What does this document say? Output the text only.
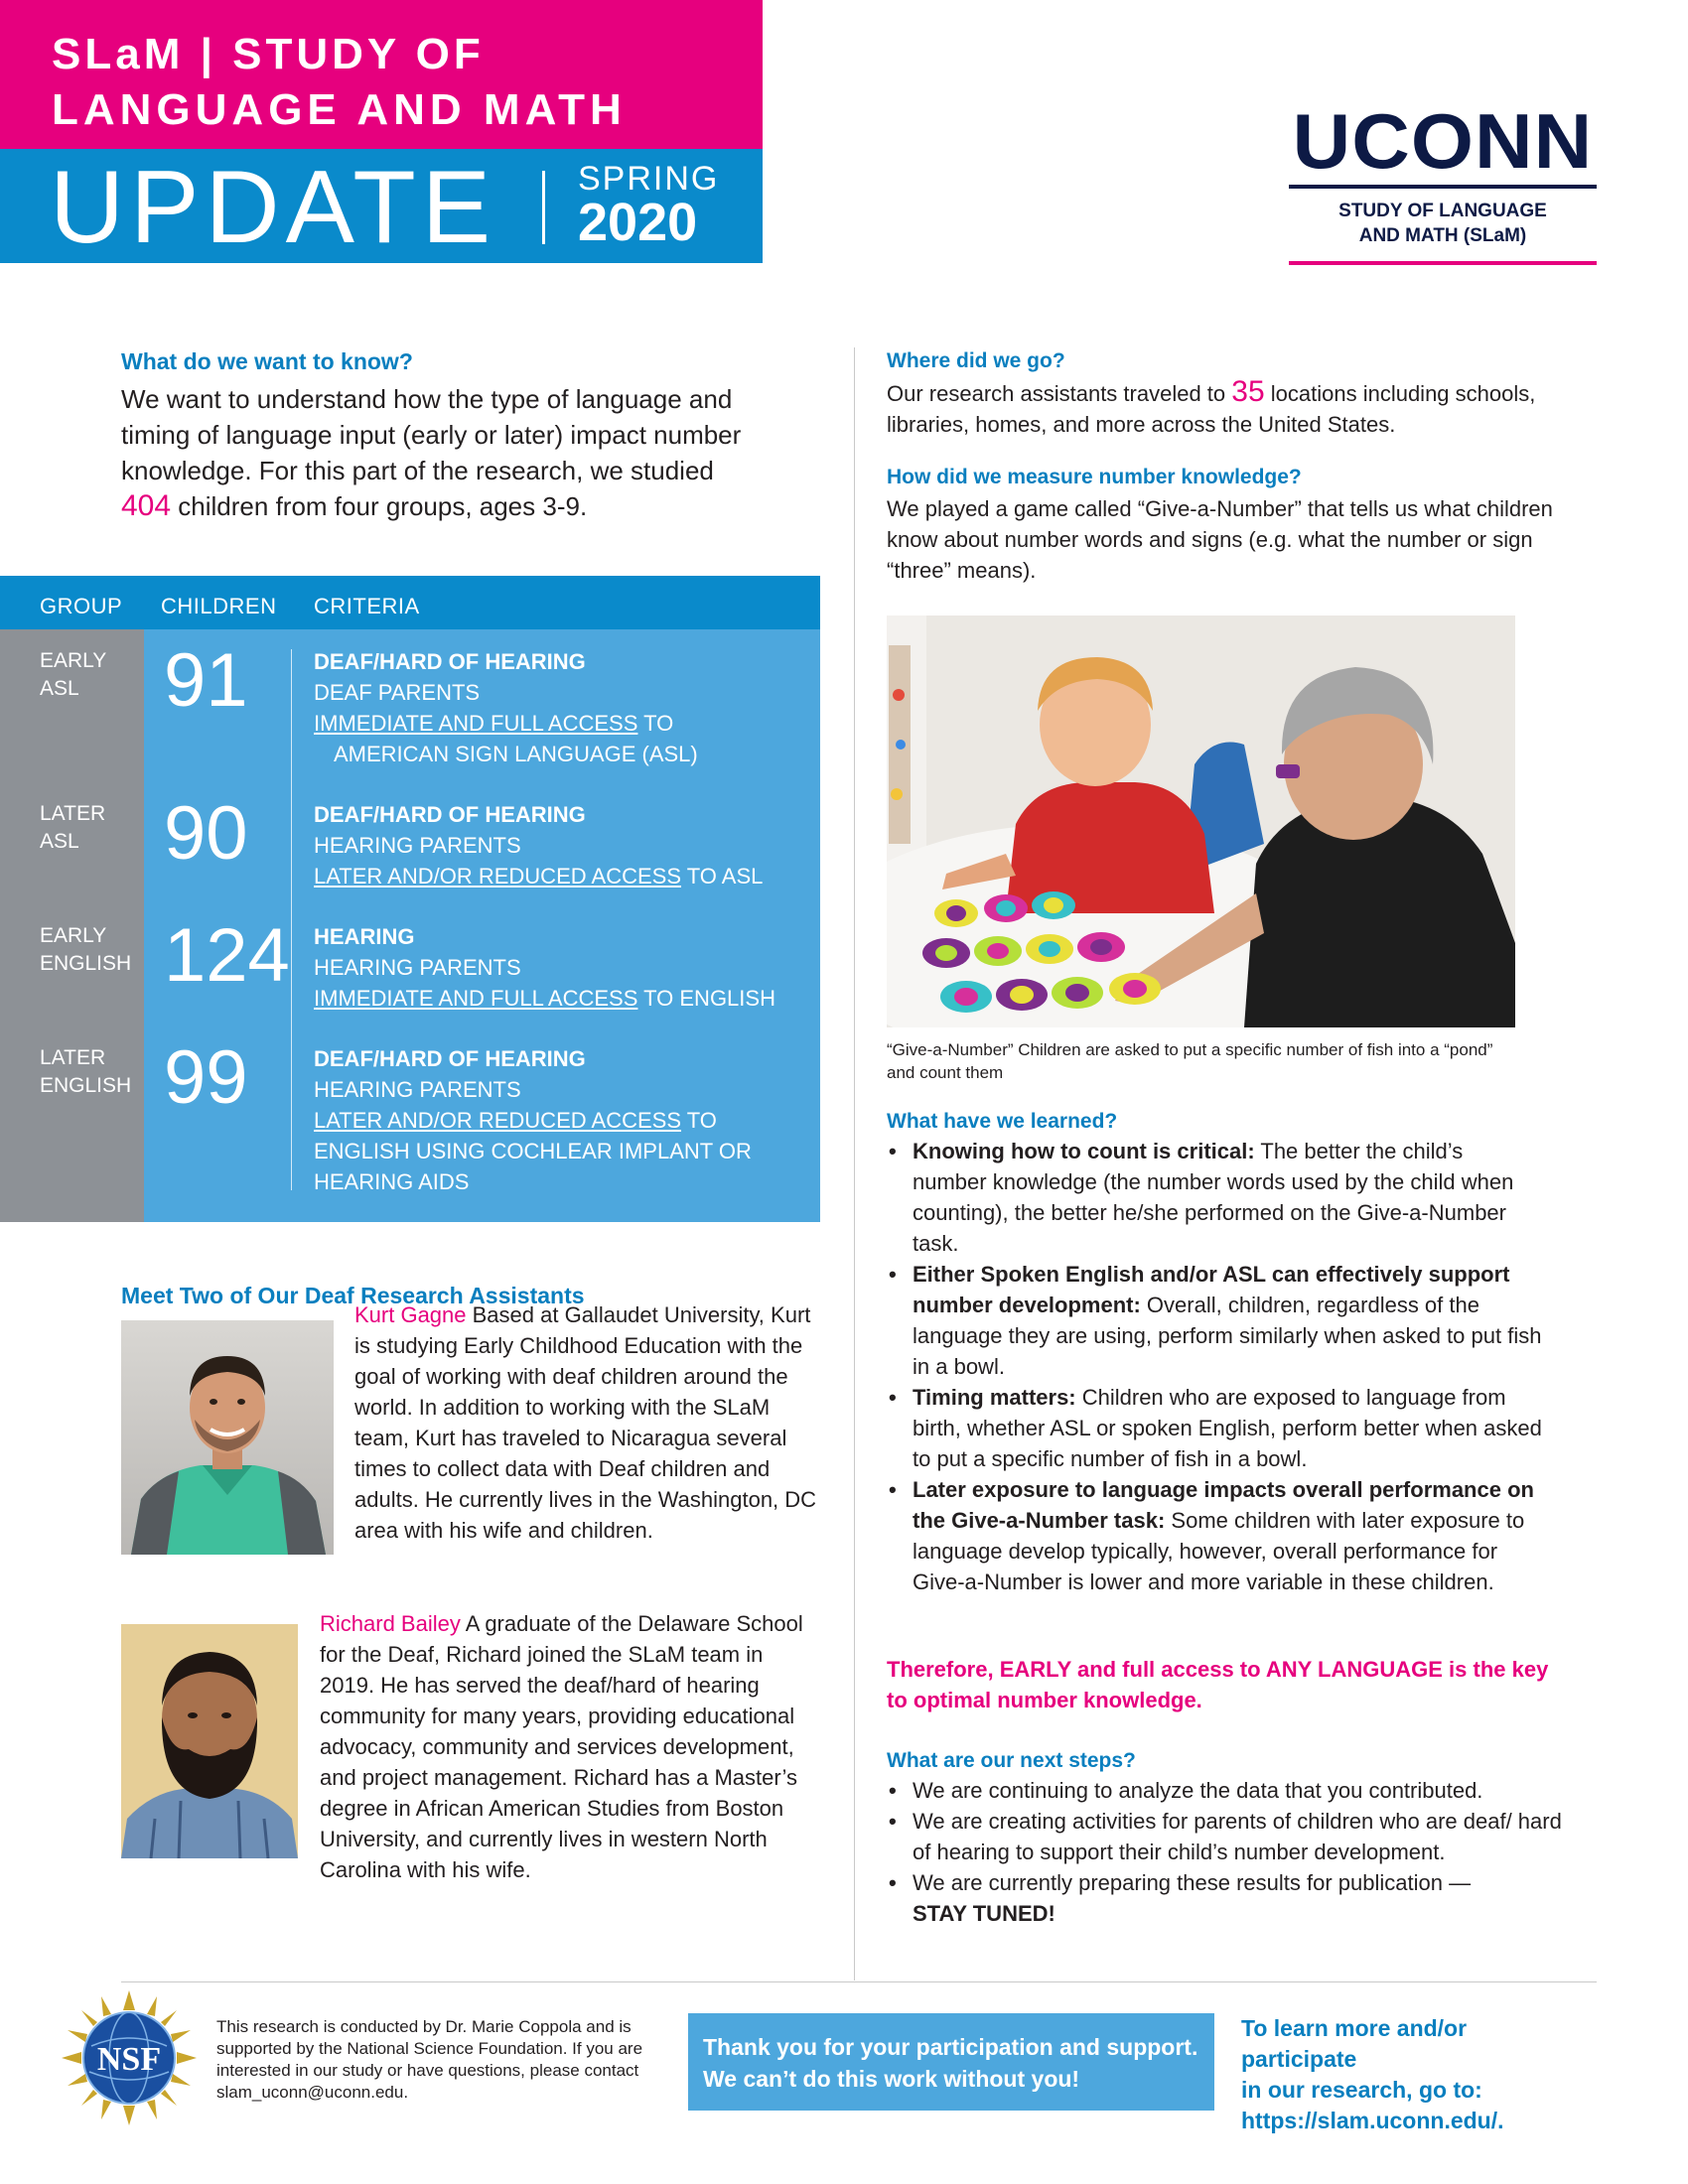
SLaM | STUDY OF
LANGUAGE AND MATH
UPDATE SPRING
2020
UCONN
STUDY OF LANGUAGE
AND MATH (SLaM)
What do we want to know?
We want to understand how the type of language and timing of language input (early or later) impact number knowledge. For this part of the research, we studied
404 children from four groups, ages 3-9.
GROUP CHILDREN CRITERIA
EARLY
ASL	91	DEAF/HARD OF HEARING
DEAF PARENTS
IMMEDIATE AND FULL ACCESS TO
AMERICAN SIGN LANGUAGE (ASL)
LATER
ASL	90	DEAF/HARD OF HEARING
HEARING PARENTS
LATER AND/OR REDUCED ACCESS TO ASL
EARLY
ENGLISH 124 HEARING
HEARING PARENTS
IMMEDIATE AND FULL ACCESS TO ENGLISH
LATER
ENGLISH 99	DEAF/HARD OF HEARING
HEARING PARENTS
LATER AND/OR REDUCED ACCESS TO
ENGLISH USING COCHLEAR IMPLANT OR
HEARING AIDS
Meet Two of Our Deaf Research Assistants
Kurt Gagne Based at Gallaudet University, Kurt is studying Early Childhood Education with the goal of working with deaf children around the world. In addition to working with the SLaM team, Kurt has traveled to Nicaragua several times to collect data with Deaf children and adults. He currently lives in the Washington, DC area with his wife and children.
Richard Bailey A graduate of the Delaware School for the Deaf, Richard joined the SLaM team in 2019. He has served the deaf/hard of hearing community for many years, providing educational advocacy, community and services development, and project management. Richard has a Master’s degree in African American Studies from Boston University, and currently lives in western North Carolina with his wife.
Where did we go?
Our research assistants traveled to 35 locations including schools, libraries, homes, and more across the United States.
How did we measure number knowledge?
We played a game called “Give-a-Number” that tells us what children know about number words and signs (e.g. what the number or sign “three” means).
“Give-a-Number” Children are asked to put a specific number of fish into a “pond” and count them
What have we learned?
• Knowing how to count is critical: The better the child’s number knowledge (the number words used by the child when counting), the better he/she performed on the Give-a-Number task.
• Either Spoken English and/or ASL can effectively support number development: Overall, children, regardless of the language they are using, perform similarly when asked to put fish in a bowl.
• Timing matters: Children who are exposed to language from birth, whether ASL or spoken English, perform better when asked to put a specific number of fish in a bowl.
• Later exposure to language impacts overall performance on the Give-a-Number task: Some children with later exposure to language develop typically, however, overall performance for Give-a-Number is lower and more variable in these children.
Therefore, EARLY and full access to ANY LANGUAGE is the key to optimal number knowledge.
What are our next steps?
• We are continuing to analyze the data that you contributed.
• We are creating activities for parents of children who are deaf/ hard of hearing to support their child’s number development.
• We are currently preparing these results for publication —
STAY TUNED!
NSF
This research is conducted by Dr. Marie Coppola and is supported by the National Science Foundation. If you are interested in our study or have questions, please contact slam_uconn@uconn.edu.
Thank you for your participation and support.
We can’t do this work without you!
To learn more and/or participate
in our research, go to:
https://slam.uconn.edu/.
